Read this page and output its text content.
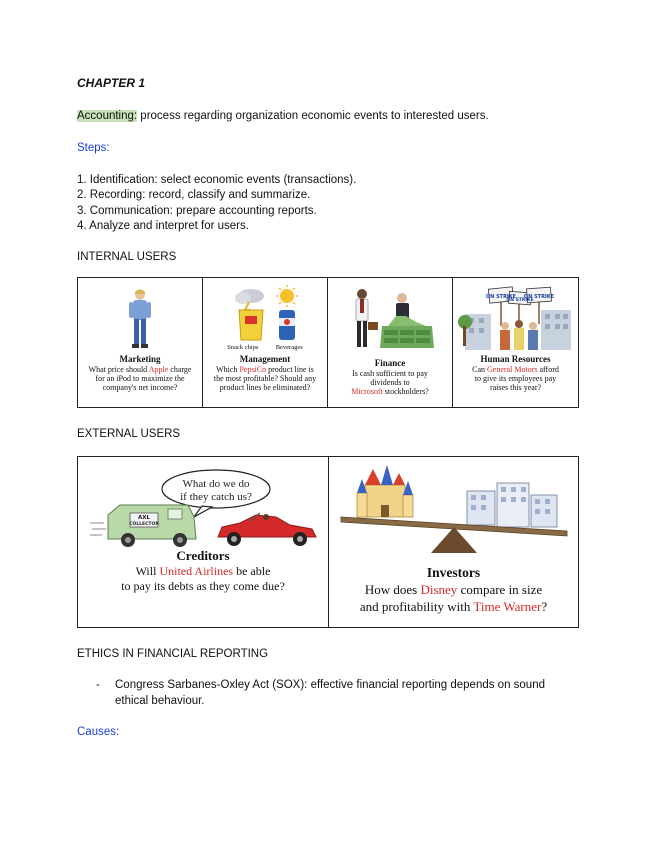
CHAPTER 1
Accounting: process regarding organization economic events to interested users.
Steps:
1. Identification: select economic events (transactions).
2. Recording: record, classify and summarize.
3. Communication: prepare accounting reports.
4. Analyze and interpret for users.
INTERNAL USERS
Marketing
What price should Apple charge
for an iPod to maximize the
company's net income?
Snack chips	Beverages
Management
Which PepsiCo product line is
the most profitable? Should any
product lines be eliminated?
Finance
Is cash sufficient to pay
dividends to
Microsoft stockholders?
ON STRIKE
ON STRIKE
ON STRIKE
Human Resources
Can General Motors afford
to give its employees pay
raises this year?
EXTERNAL USERS
What do we do
if they catch us?
AXL
COLLECTOR
Creditors
Will United Airlines be able
to pay its debts as they come due?
Investors
How does Disney compare in size
and profitability with Time Warner?
ETHICS IN FINANCIAL REPORTING
- Congress Sarbanes-Oxley Act (SOX): effective financial reporting depends on sound
ethical behaviour.
Causes:
